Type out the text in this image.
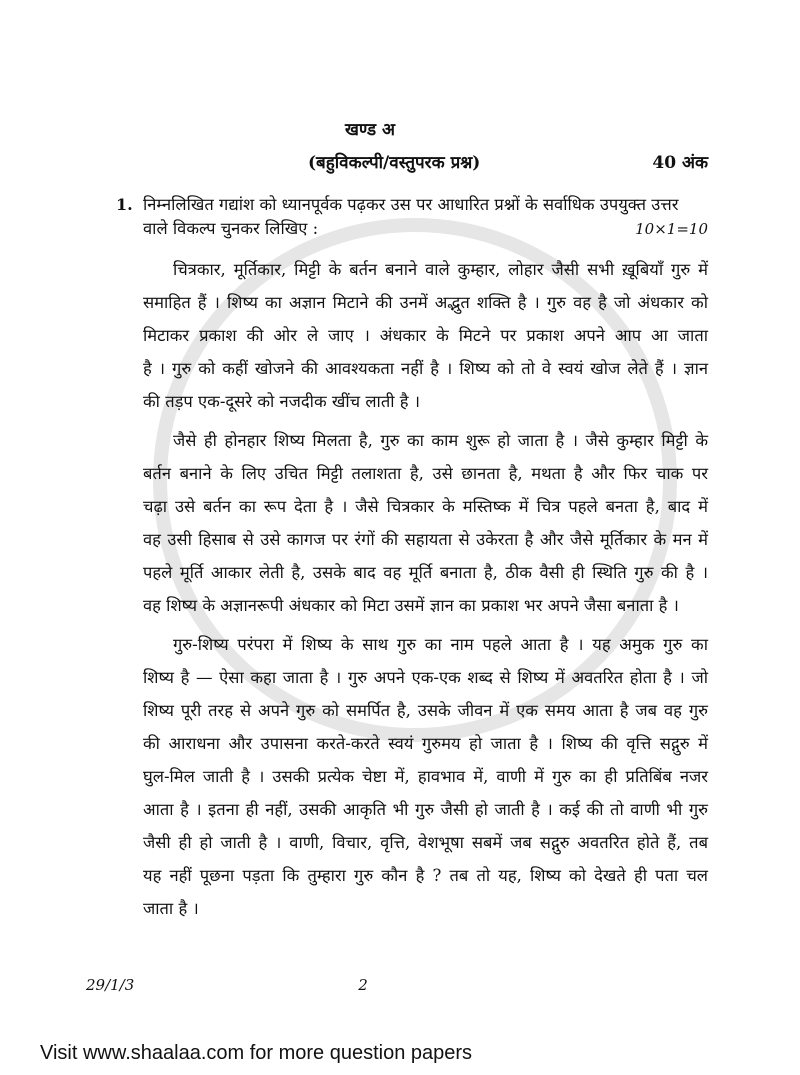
खण्ड अ
(बहुविकल्पी/वस्तुपरक प्रश्न)	40 अंक
1. निम्नलिखित गद्यांश को ध्यानपूर्वक पढ़कर उस पर आधारित प्रश्नों के सर्वाधिक उपयुक्त उत्तर
वाले विकल्प चुनकर लिखिए :	10×1=10
चित्रकार, मूर्तिकार, मिट्टी के बर्तन बनाने वाले कुम्हार, लोहार जैसी सभी ख़ूबियाँ गुरु में
समाहित हैं । शिष्य का अज्ञान मिटाने की उनमें अद्भुत शक्ति है । गुरु वह है जो अंधकार को
मिटाकर प्रकाश की ओर ले जाए । अंधकार के मिटने पर प्रकाश अपने आप आ जाता
है । गुरु को कहीं खोजने की आवश्यकता नहीं है । शिष्य को तो वे स्वयं खोज लेते हैं । ज्ञान
की तड़प एक-दूसरे को नजदीक खींच लाती है ।
जैसे ही होनहार शिष्य मिलता है, गुरु का काम शुरू हो जाता है । जैसे कुम्हार मिट्टी के
बर्तन बनाने के लिए उचित मिट्टी तलाशता है, उसे छानता है, मथता है और फिर चाक पर
चढ़ा उसे बर्तन का रूप देता है । जैसे चित्रकार के मस्तिष्क में चित्र पहले बनता है, बाद में
वह उसी हिसाब से उसे कागज पर रंगों की सहायता से उकेरता है और जैसे मूर्तिकार के मन में
पहले मूर्ति आकार लेती है, उसके बाद वह मूर्ति बनाता है, ठीक वैसी ही स्थिति गुरु की है ।
वह शिष्य के अज्ञानरूपी अंधकार को मिटा उसमें ज्ञान का प्रकाश भर अपने जैसा बनाता है ।
गुरु-शिष्य परंपरा में शिष्य के साथ गुरु का नाम पहले आता है । यह अमुक गुरु का
शिष्य है — ऐसा कहा जाता है । गुरु अपने एक-एक शब्द से शिष्य में अवतरित होता है । जो
शिष्य पूरी तरह से अपने गुरु को समर्पित है, उसके जीवन में एक समय आता है जब वह गुरु
की आराधना और उपासना करते-करते स्वयं गुरुमय हो जाता है । शिष्य की वृत्ति सद्गुरु में
घुल-मिल जाती है । उसकी प्रत्येक चेष्टा में, हावभाव में, वाणी में गुरु का ही प्रतिबिंब नजर
आता है । इतना ही नहीं, उसकी आकृति भी गुरु जैसी हो जाती है । कई की तो वाणी भी गुरु
जैसी ही हो जाती है । वाणी, विचार, वृत्ति, वेशभूषा सबमें जब सद्गुरु अवतरित होते हैं, तब
यह नहीं पूछना पड़ता कि तुम्हारा गुरु कौन है ? तब तो यह, शिष्य को देखते ही पता चल
जाता है ।
29/1/3	2
Visit www.shaalaa.com for more question papers
